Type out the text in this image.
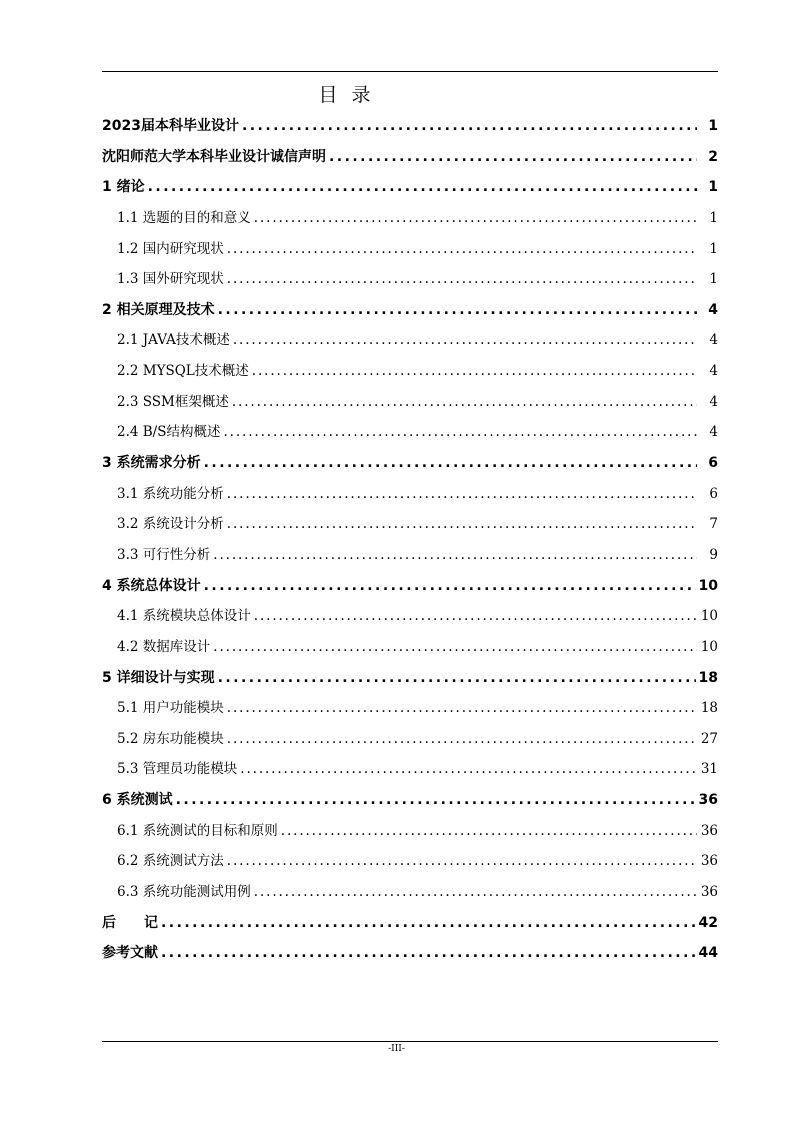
目 录
2023届本科毕业设计 . . .	1
沈阳师范大学本科毕业设计诚信声明 . . .	2
1 绪论 . . .	1
1.1 选题的目的和意义 . . .	1
1.2 国内研究现状 . . .	1
1.3 国外研究现状 . . .	1
2 相关原理及技术 . . .	4
2.1 JAVA技术概述 . . .	4
2.2 MYSQL技术概述 . . .	4
2.3 SSM框架概述 . . .	4
2.4 B/S结构概述 . . .	4
3 系统需求分析 . . .	6
3.1 系统功能分析 . . .	6
3.2 系统设计分析 . . .	7
3.3 可行性分析 . . .	9
4 系统总体设计 . . .	10
4.1 系统模块总体设计 . . .	10
4.2 数据库设计 . . .	10
5 详细设计与实现 . . .	18
5.1 用户功能模块 . . .	18
5.2 房东功能模块 . . .	27
5.3 管理员功能模块 . . .	31
6 系统测试 . . .	36
6.1 系统测试的目标和原则 . . .	36
6.2 系统测试方法 . . .	36
6.3 系统功能测试用例 . . .	36
后　　记 . . .	42
参考文献 . . .	44
-III-
